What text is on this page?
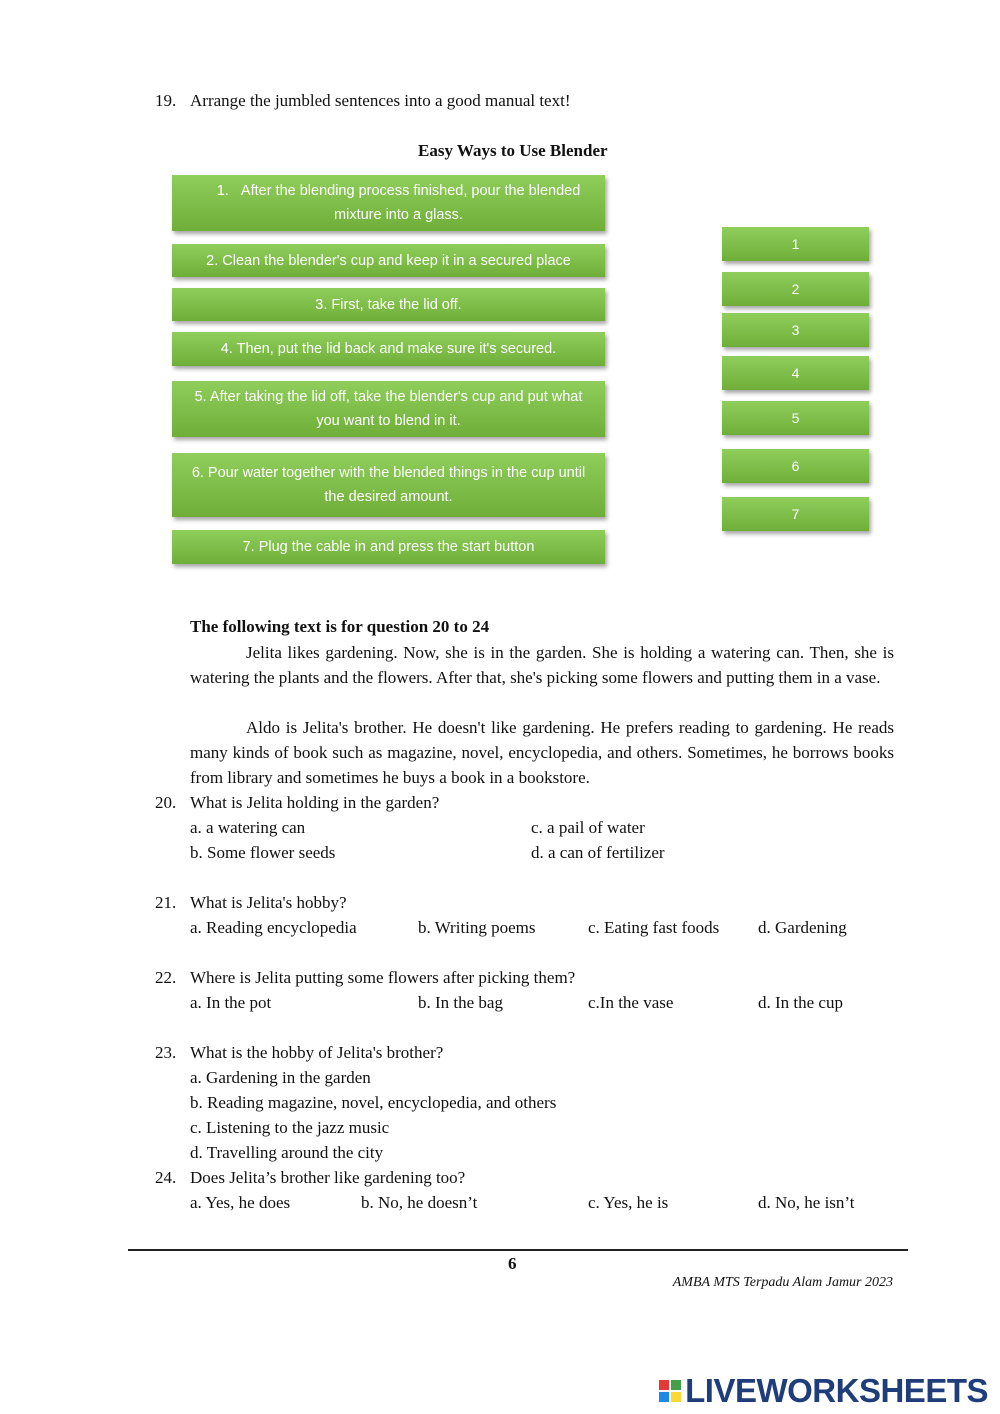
19. Arrange the jumbled sentences into a good manual text!
Easy Ways to Use Blender
1.   After the blending process finished, pour the blended mixture into a glass.
2. Clean the blender's cup and keep it in a secured place
3. First, take the lid off.
4. Then, put the lid back and make sure it's secured.
5. After taking the lid off, take the blender's cup and put what you want to blend in it.
6. Pour water together with the blended things in the cup until the desired amount.
7. Plug the cable in and press the start button
1
2
3
4
5
6
7
The following text is for question 20 to 24
Jelita likes gardening. Now, she is in the garden. She is holding a watering can. Then, she is watering the plants and the flowers. After that, she's picking some flowers and putting them in a vase.
Aldo is Jelita's brother. He doesn't like gardening. He prefers reading to gardening. He reads many kinds of book such as magazine, novel, encyclopedia, and others. Sometimes, he borrows books from library and sometimes he buys a book in a bookstore.
20. What is Jelita holding in the garden?
a. a watering can	c. a pail of water
b. Some flower seeds	d. a can of fertilizer
21. What is Jelita's hobby?
a. Reading encyclopedia	b. Writing poems	c. Eating fast foods d. Gardening
22. Where is Jelita putting some flowers after picking them?
a. In the pot	b. In the bag	c.In the vase	d. In the cup
23. What is the hobby of Jelita's brother?
a. Gardening in the garden
b. Reading magazine, novel, encyclopedia, and others
c. Listening to the jazz music
d. Travelling around the city
24. Does Jelita’s brother like gardening too?
a. Yes, he does	b. No, he doesn’t	c. Yes, he is	d. No, he isn’t
6
AMBA MTS Terpadu Alam Jamur 2023
LIVEWORKSHEETS
